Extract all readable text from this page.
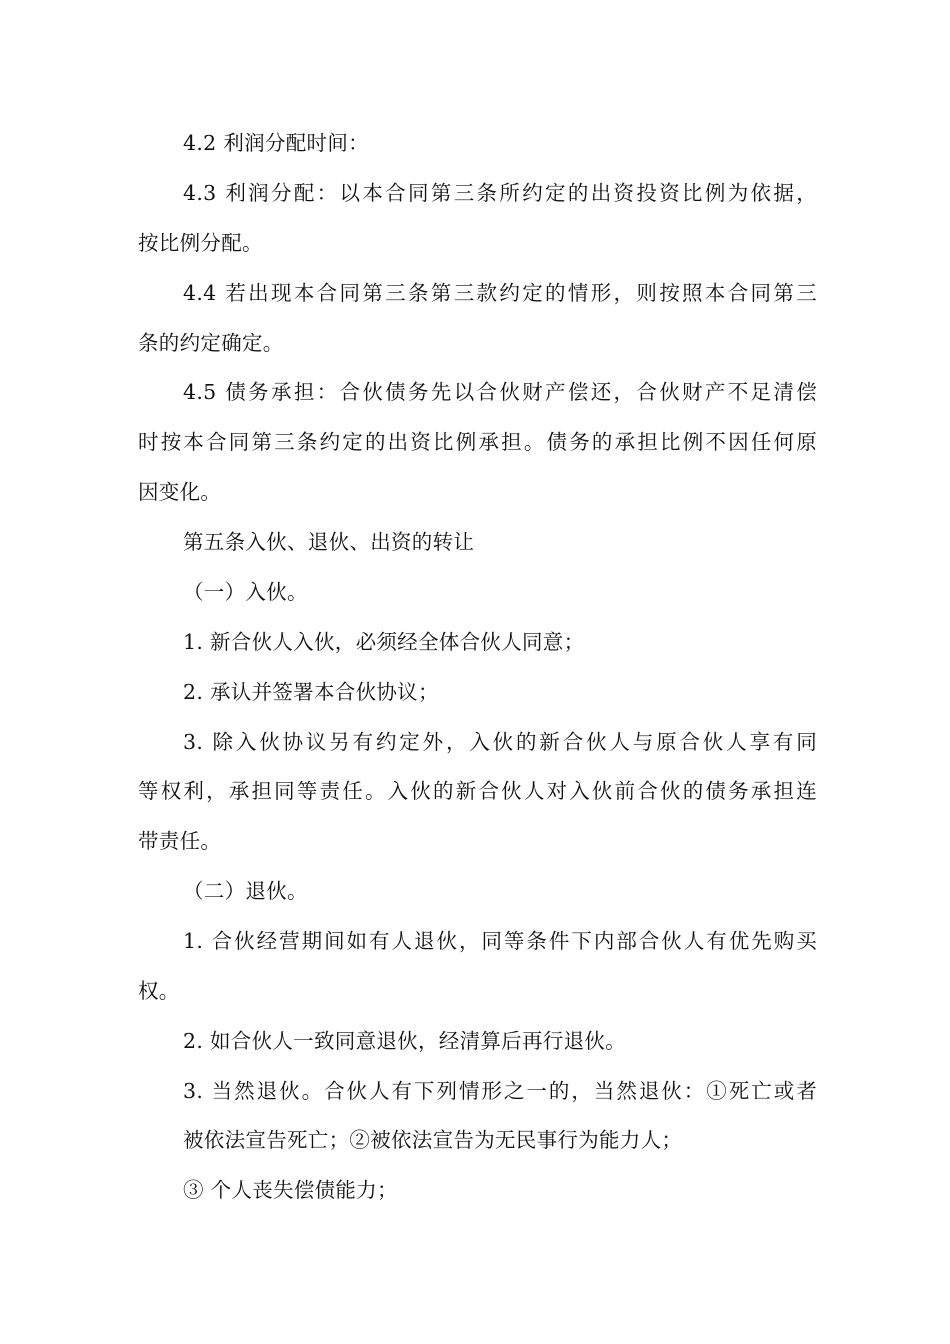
4.2 利润分配时间：
4.3 利润分配：以本合同第三条所约定的出资投资比例为依据，
按比例分配。
4.4 若出现本合同第三条第三款约定的情形，则按照本合同第三
条的约定确定。
4.5 债务承担：合伙债务先以合伙财产偿还，合伙财产不足清偿
时按本合同第三条约定的出资比例承担。债务的承担比例不因任何原
因变化。
第五条入伙、退伙、出资的转让
（一）入伙。
1. 新合伙人入伙，必须经全体合伙人同意；
2. 承认并签署本合伙协议；
3. 除入伙协议另有约定外，入伙的新合伙人与原合伙人享有同
等权利，承担同等责任。入伙的新合伙人对入伙前合伙的债务承担连
带责任。
（二）退伙。
1. 合伙经营期间如有人退伙，同等条件下内部合伙人有优先购买
权。
2. 如合伙人一致同意退伙，经清算后再行退伙。
3. 当然退伙。合伙人有下列情形之一的，当然退伙：①死亡或者
被依法宣告死亡；②被依法宣告为无民事行为能力人；
③ 个人丧失偿债能力；
